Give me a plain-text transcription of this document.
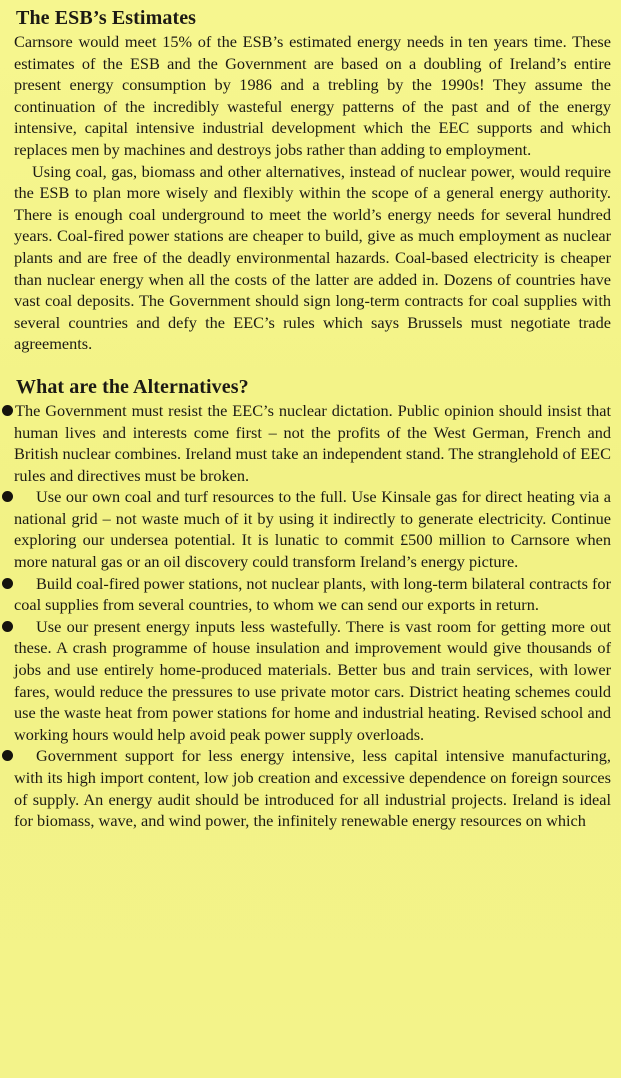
The ESB’s Estimates

Carnsore would meet 15% of the ESB’s estimated energy needs in ten years time. These estimates of the ESB and the Government are based on a doubling of Ireland’s entire present energy consumption by 1986 and a trebling by the 1990s! They assume the continuation of the incredibly wasteful energy patterns of the past and of the energy intensive, capital intensive industrial development which the EEC supports and which replaces men by machines and destroys jobs rather than adding to employment.

Using coal, gas, biomass and other alternatives, instead of nuclear power, would require the ESB to plan more wisely and flexibly within the scope of a general energy authority. There is enough coal underground to meet the world’s energy needs for several hundred years. Coal-fired power stations are cheaper to build, give as much employment as nuclear plants and are free of the deadly environmental hazards. Coal-based electricity is cheaper than nuclear energy when all the costs of the latter are added in. Dozens of countries have vast coal deposits. The Government should sign long-term contracts for coal supplies with several countries and defy the EEC’s rules which says Brussels must negotiate trade agreements.

What are the Alternatives?
The Government must resist the EEC’s nuclear dictation. Public opinion should insist that human lives and interests come first – not the profits of the West German, French and British nuclear combines. Ireland must take an independent stand. The stranglehold of EEC rules and directives must be broken.
Use our own coal and turf resources to the full. Use Kinsale gas for direct heating via a national grid – not waste much of it by using it indirectly to generate electricity. Continue exploring our undersea potential. It is lunatic to commit £500 million to Carnsore when more natural gas or an oil discovery could transform Ireland’s energy picture.
Build coal-fired power stations, not nuclear plants, with long-term bilateral contracts for coal supplies from several countries, to whom we can send our exports in return.
Use our present energy inputs less wastefully. There is vast room for getting more out these. A crash programme of house insulation and improvement would give thousands of jobs and use entirely home-produced materials. Better bus and train services, with lower fares, would reduce the pressures to use private motor cars. District heating schemes could use the waste heat from power stations for home and industrial heating. Revised school and working hours would help avoid peak power supply overloads.
Government support for less energy intensive, less capital intensive manufacturing, with its high import content, low job creation and excessive dependence on foreign sources of supply. An energy audit should be introduced for all industrial projects. Ireland is ideal for biomass, wave, and wind power, the infinitely renewable energy resources on which
